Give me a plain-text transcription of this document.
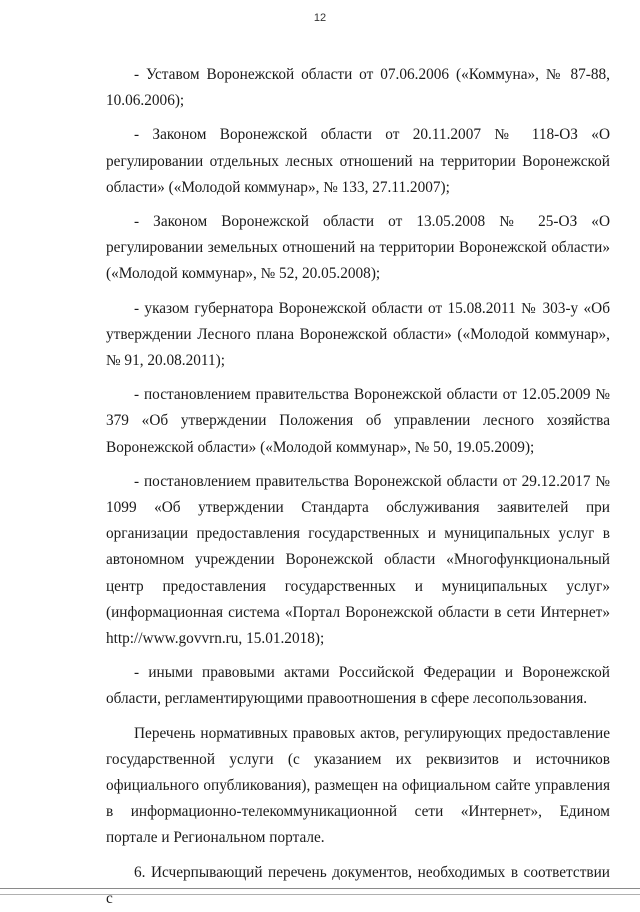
12

- Уставом Воронежской области от 07.06.2006 («Коммуна», № 87-88, 10.06.2006);

- Законом Воронежской области от 20.11.2007 № 118-ОЗ «О регулировании отдельных лесных отношений на территории Воронежской области» («Молодой коммунар», № 133, 27.11.2007);

- Законом Воронежской области от 13.05.2008 № 25-ОЗ «О регулировании земельных отношений на территории Воронежской области» («Молодой коммунар», № 52, 20.05.2008);

- указом губернатора Воронежской области от 15.08.2011 № 303-у «Об утверждении Лесного плана Воронежской области» («Молодой коммунар», № 91, 20.08.2011);

- постановлением правительства Воронежской области от 12.05.2009 № 379 «Об утверждении Положения об управлении лесного хозяйства Воронежской области» («Молодой коммунар», № 50, 19.05.2009);

- постановлением правительства Воронежской области от 29.12.2017 № 1099 «Об утверждении Стандарта обслуживания заявителей при организации предоставления государственных и муниципальных услуг в автономном учреждении Воронежской области «Многофункциональный центр предоставления государственных и муниципальных услуг» (информационная система «Портал Воронежской области в сети Интернет» http://www.govvrn.ru, 15.01.2018);

- иными правовыми актами Российской Федерации и Воронежской области, регламентирующими правоотношения в сфере лесопользования.

Перечень нормативных правовых актов, регулирующих предоставление государственной услуги (с указанием их реквизитов и источников официального опубликования), размещен на официальном сайте управления в информационно-телекоммуникационной сети «Интернет», Едином портале и Региональном портале.

6. Исчерпывающий перечень документов, необходимых в соответствии с
